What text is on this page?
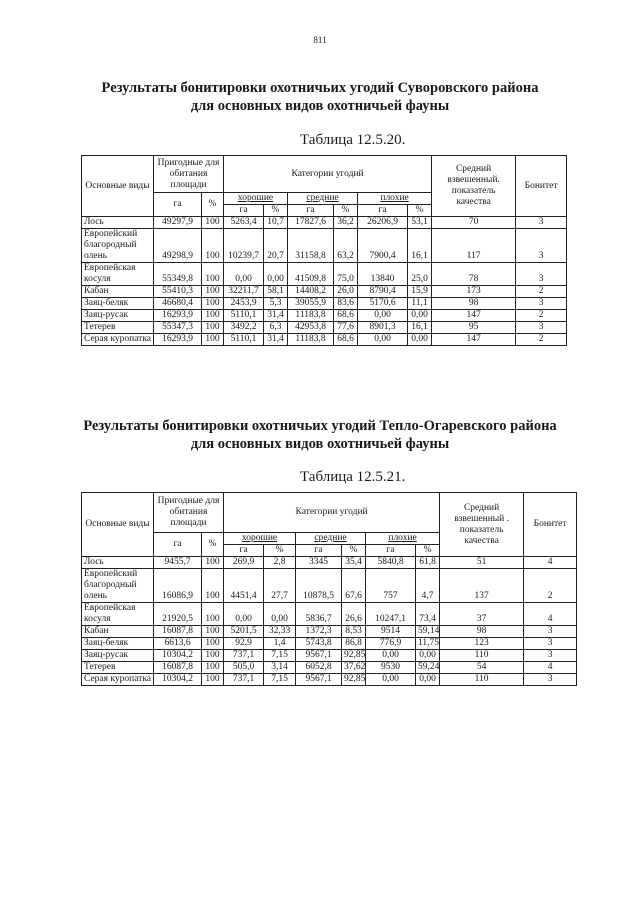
811
Результаты бонитировки охотничьих угодий Суворовского района
для основных видов охотничьей фауны
Таблица 12.5.20.
Основные виды	Пригодные для обитания площади		Категории угодий						Средний взвешенный. показатель качества	Бонитет
	га	%	хорошие		средние		плохие			
			га	%	га	%	га	%		
Лось	49297,9	100	5263,4	10,7	17827,6	36,2	26206,9	53,1	70	3
Европейский благородный олень	49298,9	100	10239,7	20,7	31158,8	63,2	7900,4	16,1	117	3
Европейская косуля	55349,8	100	0,00	0,00	41509,8	75,0	13840	25,0	78	3
Кабан	55410,3	100	32211,7	58,1	14408,2	26,0	8790,4	15,9	173	2
Заяц-беляк	46680,4	100	2453,9	5,3	39055,9	83,6	5170,6	11,1	98	3
Заяц-русак	16293,9	100	5110,1	31,4	11183,8	68,6	0,00	0,00	147	2
Тетерев	55347,3	100	3492,2	6,3	42953,8	77,6	8901,3	16,1	95	3
Серая куропатка	16293,9	100	5110,1	31,4	11183,8	68,6	0,00	0,00	147	2
Результаты бонитировки охотничьих угодий Тепло-Огаревского района
для основных видов охотничьей фауны
Таблица 12.5.21.
Основные виды	Пригодные для обитания площади		Категории угодий						Средний взвешенный . показатель качества	Бонитет
	га	%	хорошие		средние		плохие			
			га	%	га	%	га	%		
Лось	9455,7	100	269,9	2,8	3345	35,4	5840,8	61,8	51	4
Европейский благородный олень	16086,9	100	4451,4	27,7	10878,5	67,6	757	4,7	137	2
Европейская косуля	21920,5	100	0,00	0,00	5836,7	26,6	10247,1	73,4	37	4
Кабан	16087,8	100	5201,5	32,33	1372,3	8,53	9514	59,14	98	3
Заяц-беляк	6613,6	100	92,9	1,4	5743,8	86,8	776,9	11,75	123	3
Заяц-русак	10304,2	100	737,1	7,15	9567,1	92,85	0,00	0,00	110	3
Тетерев	16087,8	100	505,0	3,14	6052,8	37,62	9530	59,24	54	4
Серая куропатка	10304,2	100	737,1	7,15	9567,1	92,85	0,00	0,00	110	3
